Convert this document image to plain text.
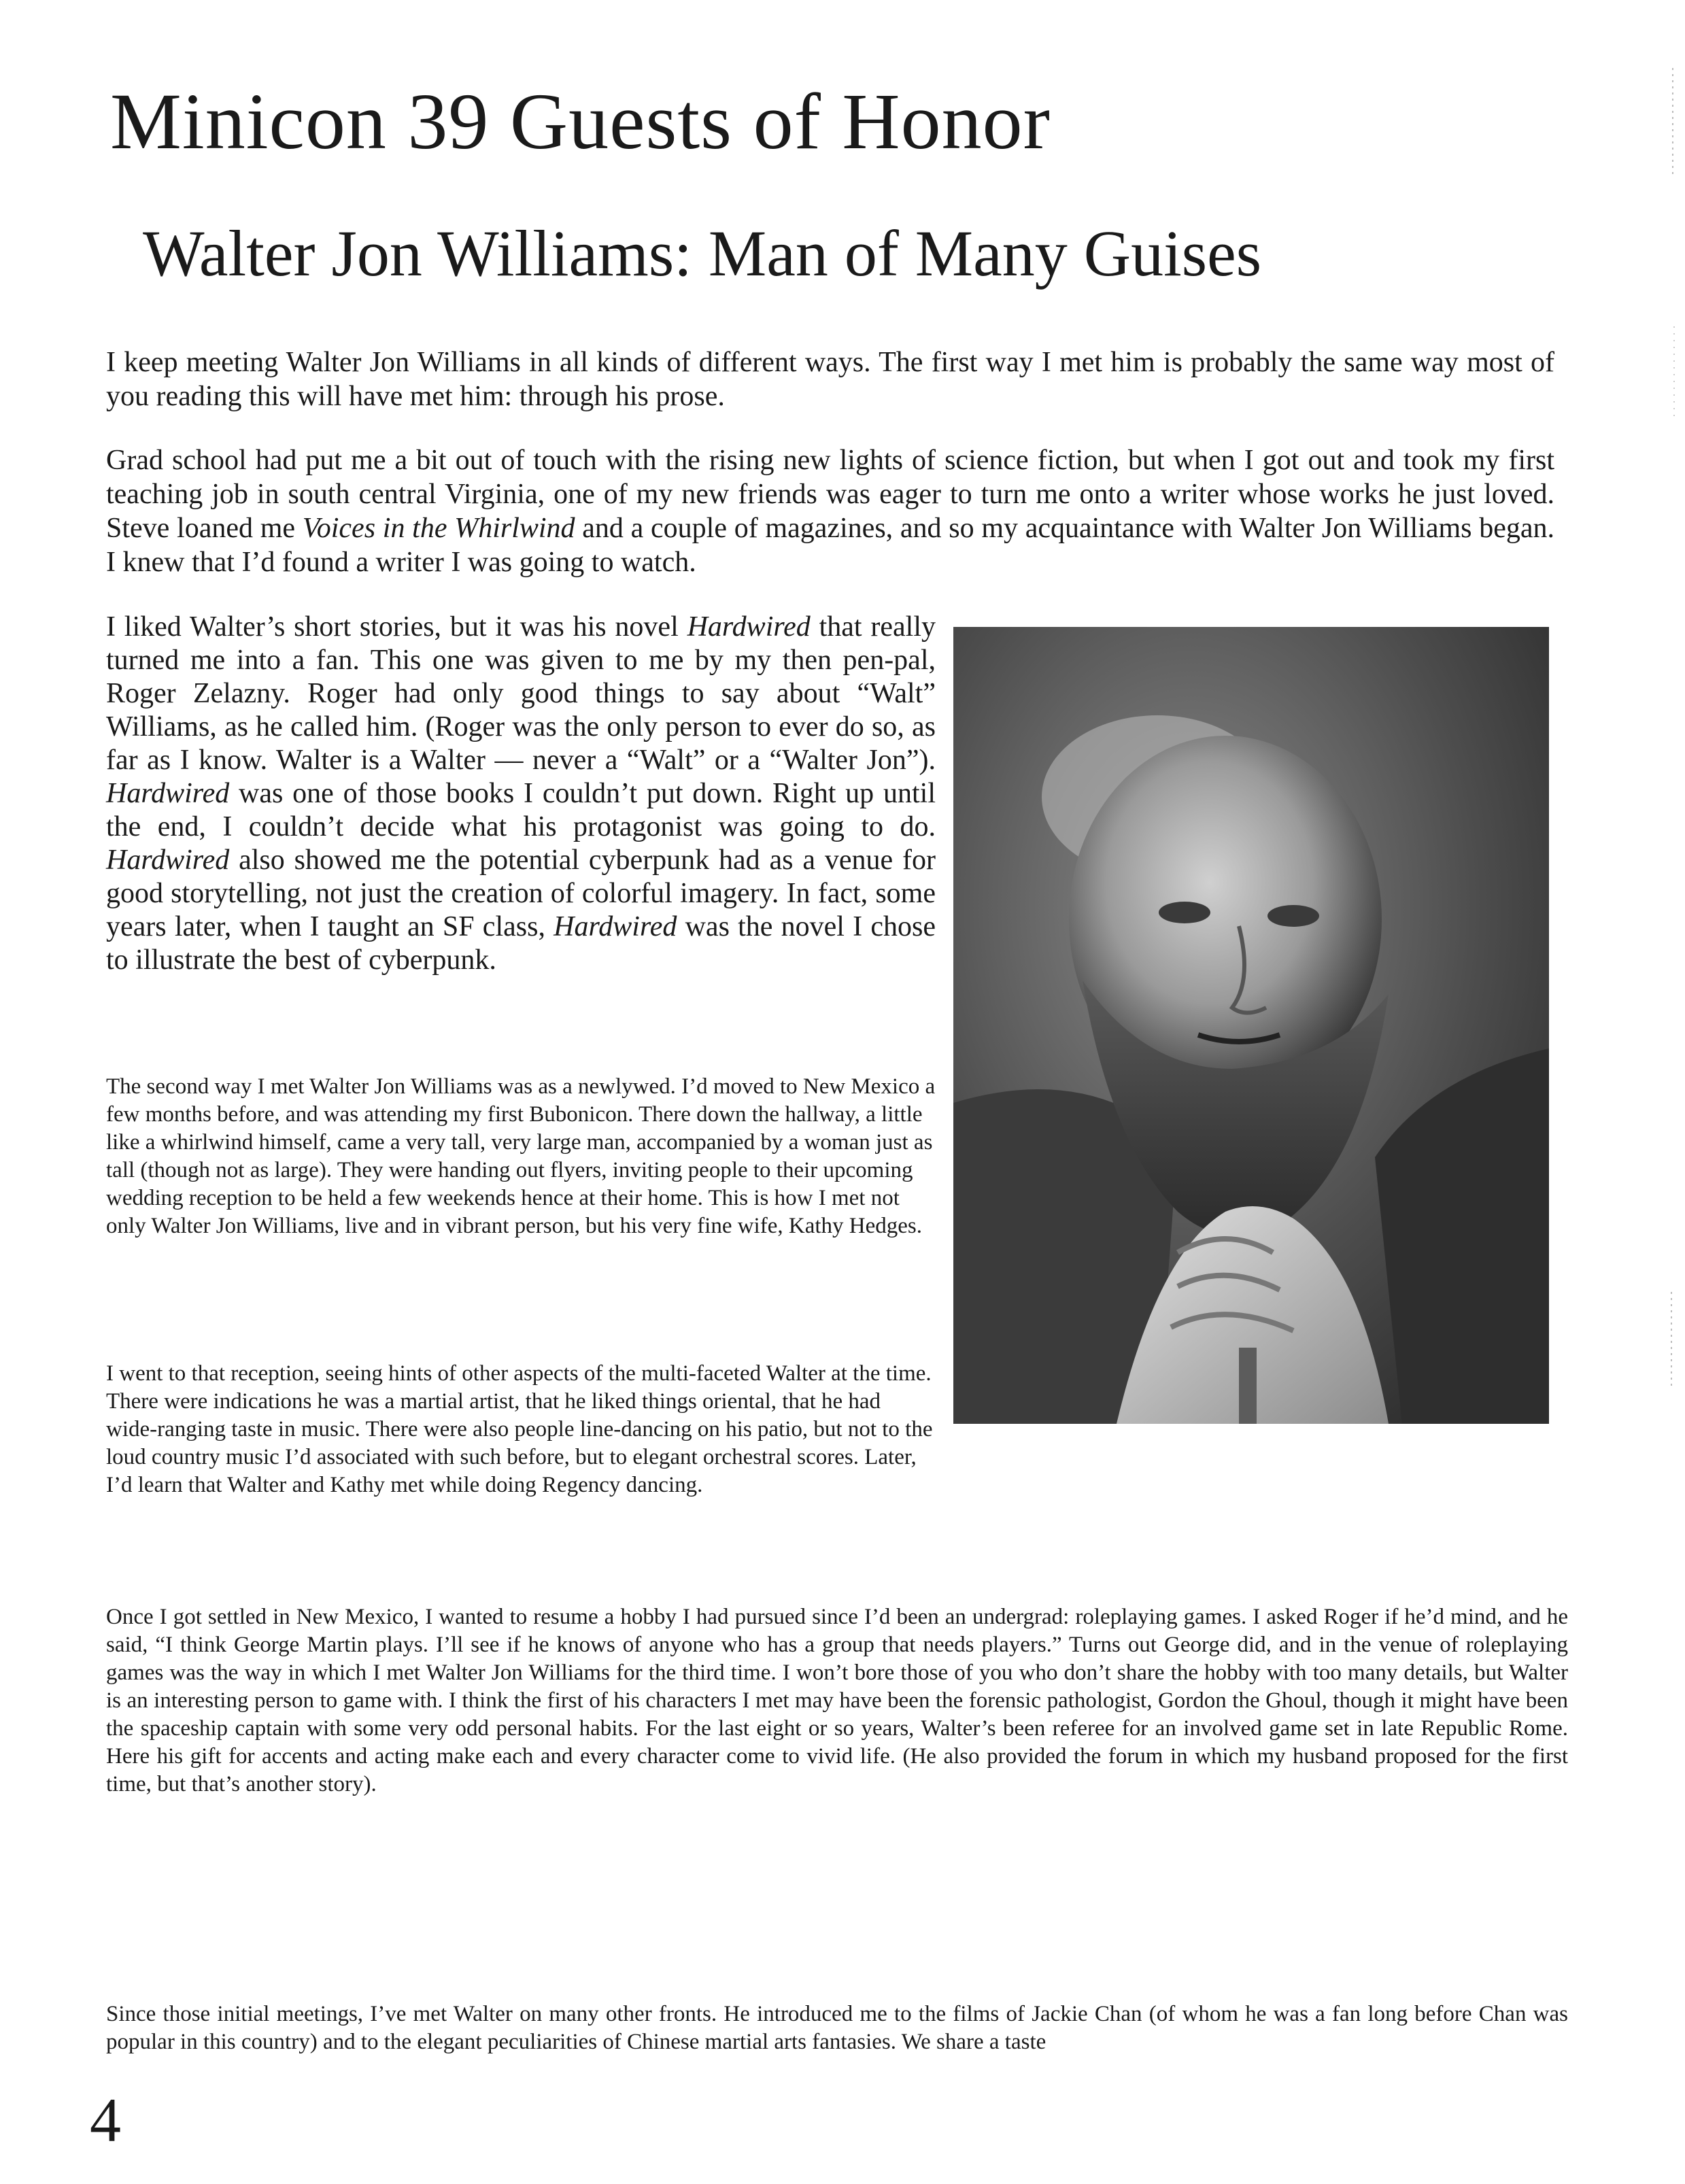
Minicon 39 Guests of Honor
Walter Jon Williams: Man of Many Guises

I keep meeting Walter Jon Williams in all kinds of different ways. The first way I met him is probably the same way most of you reading this will have met him: through his prose.

Grad school had put me a bit out of touch with the rising new lights of science fiction, but when I got out and took my first teaching job in south central Virginia, one of my new friends was eager to turn me onto a writer whose works he just loved. Steve loaned me Voices in the Whirlwind and a couple of magazines, and so my acquaintance with Walter Jon Williams began. I knew that I’d found a writer I was going to watch.

I liked Walter’s short stories, but it was his novel Hardwired that really turned me into a fan. This one was given to me by my then pen-pal, Roger Zelazny. Roger had only good things to say about “Walt” Williams, as he called him. (Roger was the only person to ever do so, as far as I know. Walter is a Walter — never a “Walt” or a “Walter Jon”). Hardwired was one of those books I couldn’t put down. Right up until the end, I couldn’t decide what his protagonist was going to do. Hardwired also showed me the potential cyberpunk had as a venue for good storytelling, not just the creation of colorful imagery. In fact, some years later, when I taught an SF class, Hardwired was the novel I chose to illustrate the best of cyberpunk.

The second way I met Walter Jon Williams was as a newlywed. I’d moved to New Mexico a few months before, and was attending my first Bubonicon. There down the hallway, a little like a whirlwind himself, came a very tall, very large man, accompanied by a woman just as tall (though not as large). They were handing out flyers, inviting people to their upcoming wedding reception to be held a few weekends hence at their home. This is how I met not only Walter Jon Williams, live and in vibrant person, but his very fine wife, Kathy Hedges.

I went to that reception, seeing hints of other aspects of the multi-faceted Walter at the time. There were indications he was a martial artist, that he liked things oriental, that he had wide-ranging taste in music. There were also people line-dancing on his patio, but not to the loud country music I’d associated with such before, but to elegant orchestral scores. Later, I’d learn that Walter and Kathy met while doing Regency dancing.

Once I got settled in New Mexico, I wanted to resume a hobby I had pursued since I’d been an undergrad: roleplaying games. I asked Roger if he’d mind, and he said, “I think George Martin plays. I’ll see if he knows of anyone who has a group that needs players.” Turns out George did, and in the venue of roleplaying games was the way in which I met Walter Jon Williams for the third time. I won’t bore those of you who don’t share the hobby with too many details, but Walter is an interesting person to game with. I think the first of his characters I met may have been the forensic pathologist, Gordon the Ghoul, though it might have been the spaceship captain with some very odd personal habits. For the last eight or so years, Walter’s been referee for an involved game set in late Republic Rome. Here his gift for accents and acting make each and every character come to vivid life. (He also provided the forum in which my husband proposed for the first time, but that’s another story).

Since those initial meetings, I’ve met Walter on many other fronts. He introduced me to the films of Jackie Chan (of whom he was a fan long before Chan was popular in this country) and to the elegant peculiarities of Chinese martial arts fantasies. We share a taste

4
